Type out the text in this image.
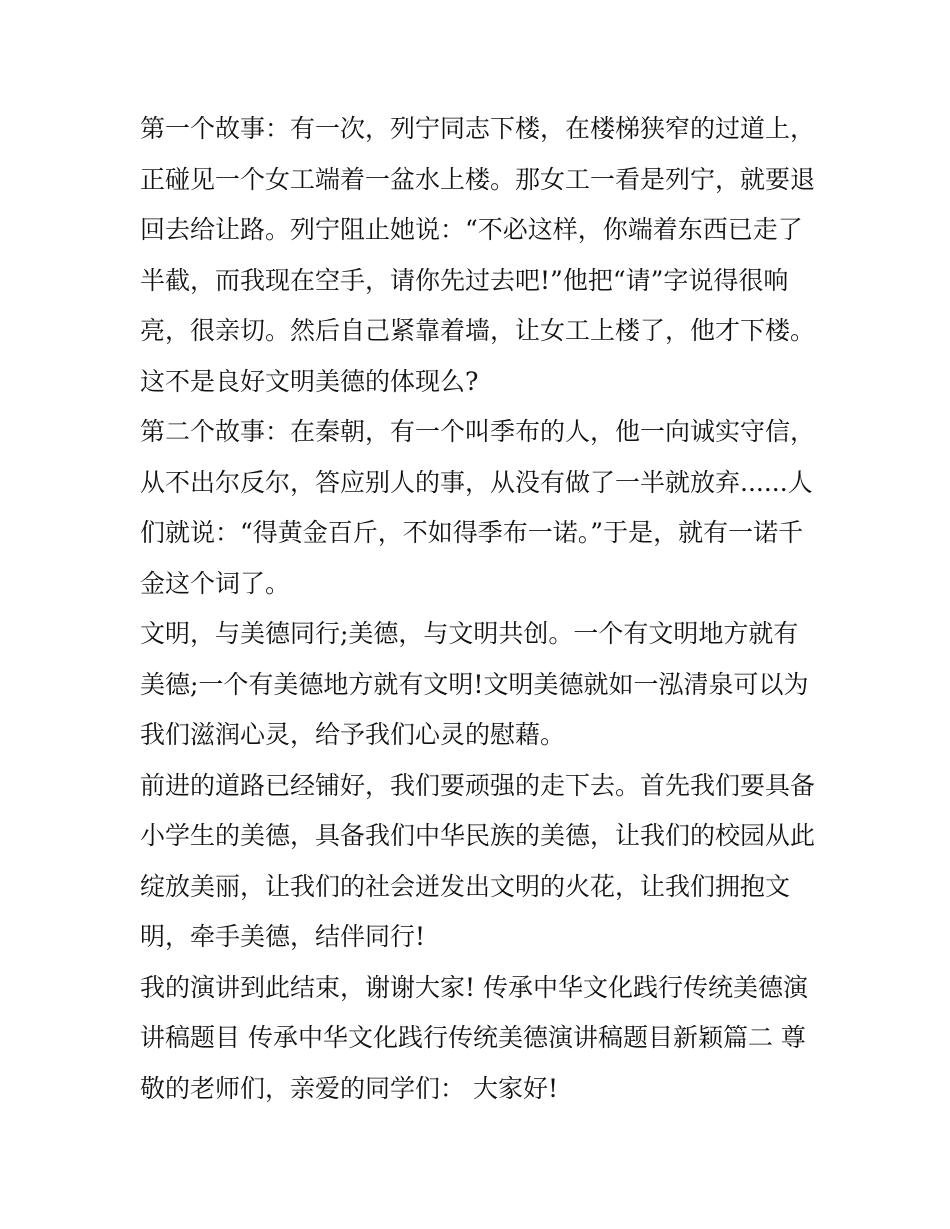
第一个故事：有一次，列宁同志下楼，在楼梯狭窄的过道上，

正碰见一个女工端着一盆水上楼。那女工一看是列宁，就要退

回去给让路。列宁阻止她说：“不必这样，你端着东西已走了

半截，而我现在空手，请你先过去吧!”他把“请”字说得很响

亮，很亲切。然后自己紧靠着墙，让女工上楼了，他才下楼。

这不是良好文明美德的体现么?

第二个故事：在秦朝，有一个叫季布的人，他一向诚实守信，

从不出尔反尔，答应别人的事，从没有做了一半就放弃......人

们就说：“得黄金百斤，不如得季布一诺。”于是，就有一诺千

金这个词了。

文明，与美德同行;美德，与文明共创。一个有文明地方就有

美德;一个有美德地方就有文明!文明美德就如一泓清泉可以为

我们滋润心灵，给予我们心灵的慰藉。

前进的道路已经铺好，我们要顽强的走下去。首先我们要具备

小学生的美德，具备我们中华民族的美德，让我们的校园从此

绽放美丽，让我们的社会迸发出文明的火花，让我们拥抱文

明，牵手美德，结伴同行!

我的演讲到此结束，谢谢大家! 传承中华文化践行传统美德演

讲稿题目 传承中华文化践行传统美德演讲稿题目新颖篇二 尊

敬的老师们，亲爱的同学们： 大家好!
